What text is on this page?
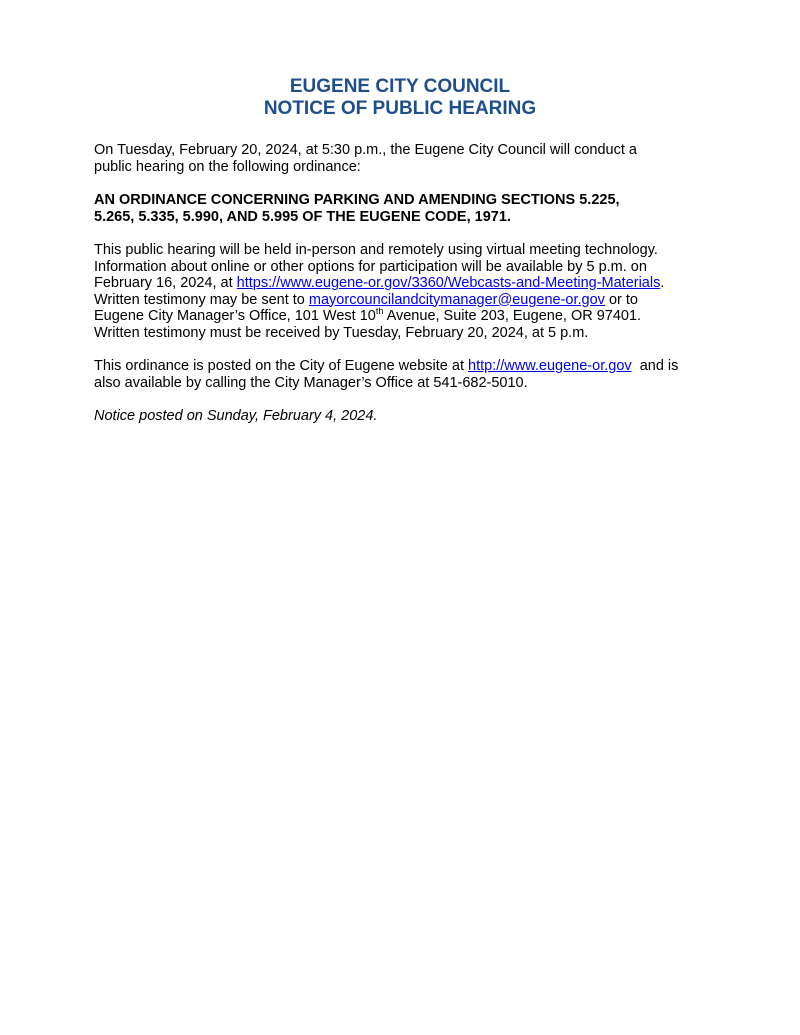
EUGENE CITY COUNCIL
NOTICE OF PUBLIC HEARING

On Tuesday, February 20, 2024, at 5:30 p.m., the Eugene City Council will conduct a
public hearing on the following ordinance:

AN ORDINANCE CONCERNING PARKING AND AMENDING SECTIONS 5.225,
5.265, 5.335, 5.990, AND 5.995 OF THE EUGENE CODE, 1971.

This public hearing will be held in-person and remotely using virtual meeting technology.
Information about online or other options for participation will be available by 5 p.m. on
February 16, 2024, at https://www.eugene-or.gov/3360/Webcasts-and-Meeting-Materials.
Written testimony may be sent to mayorcouncilandcitymanager@eugene-or.gov or to
Eugene City Manager’s Office, 101 West 10th Avenue, Suite 203, Eugene, OR 97401.
Written testimony must be received by Tuesday, February 20, 2024, at 5 p.m.

This ordinance is posted on the City of Eugene website at http://www.eugene-or.gov  and is
also available by calling the City Manager’s Office at 541-682-5010.

Notice posted on Sunday, February 4, 2024.
